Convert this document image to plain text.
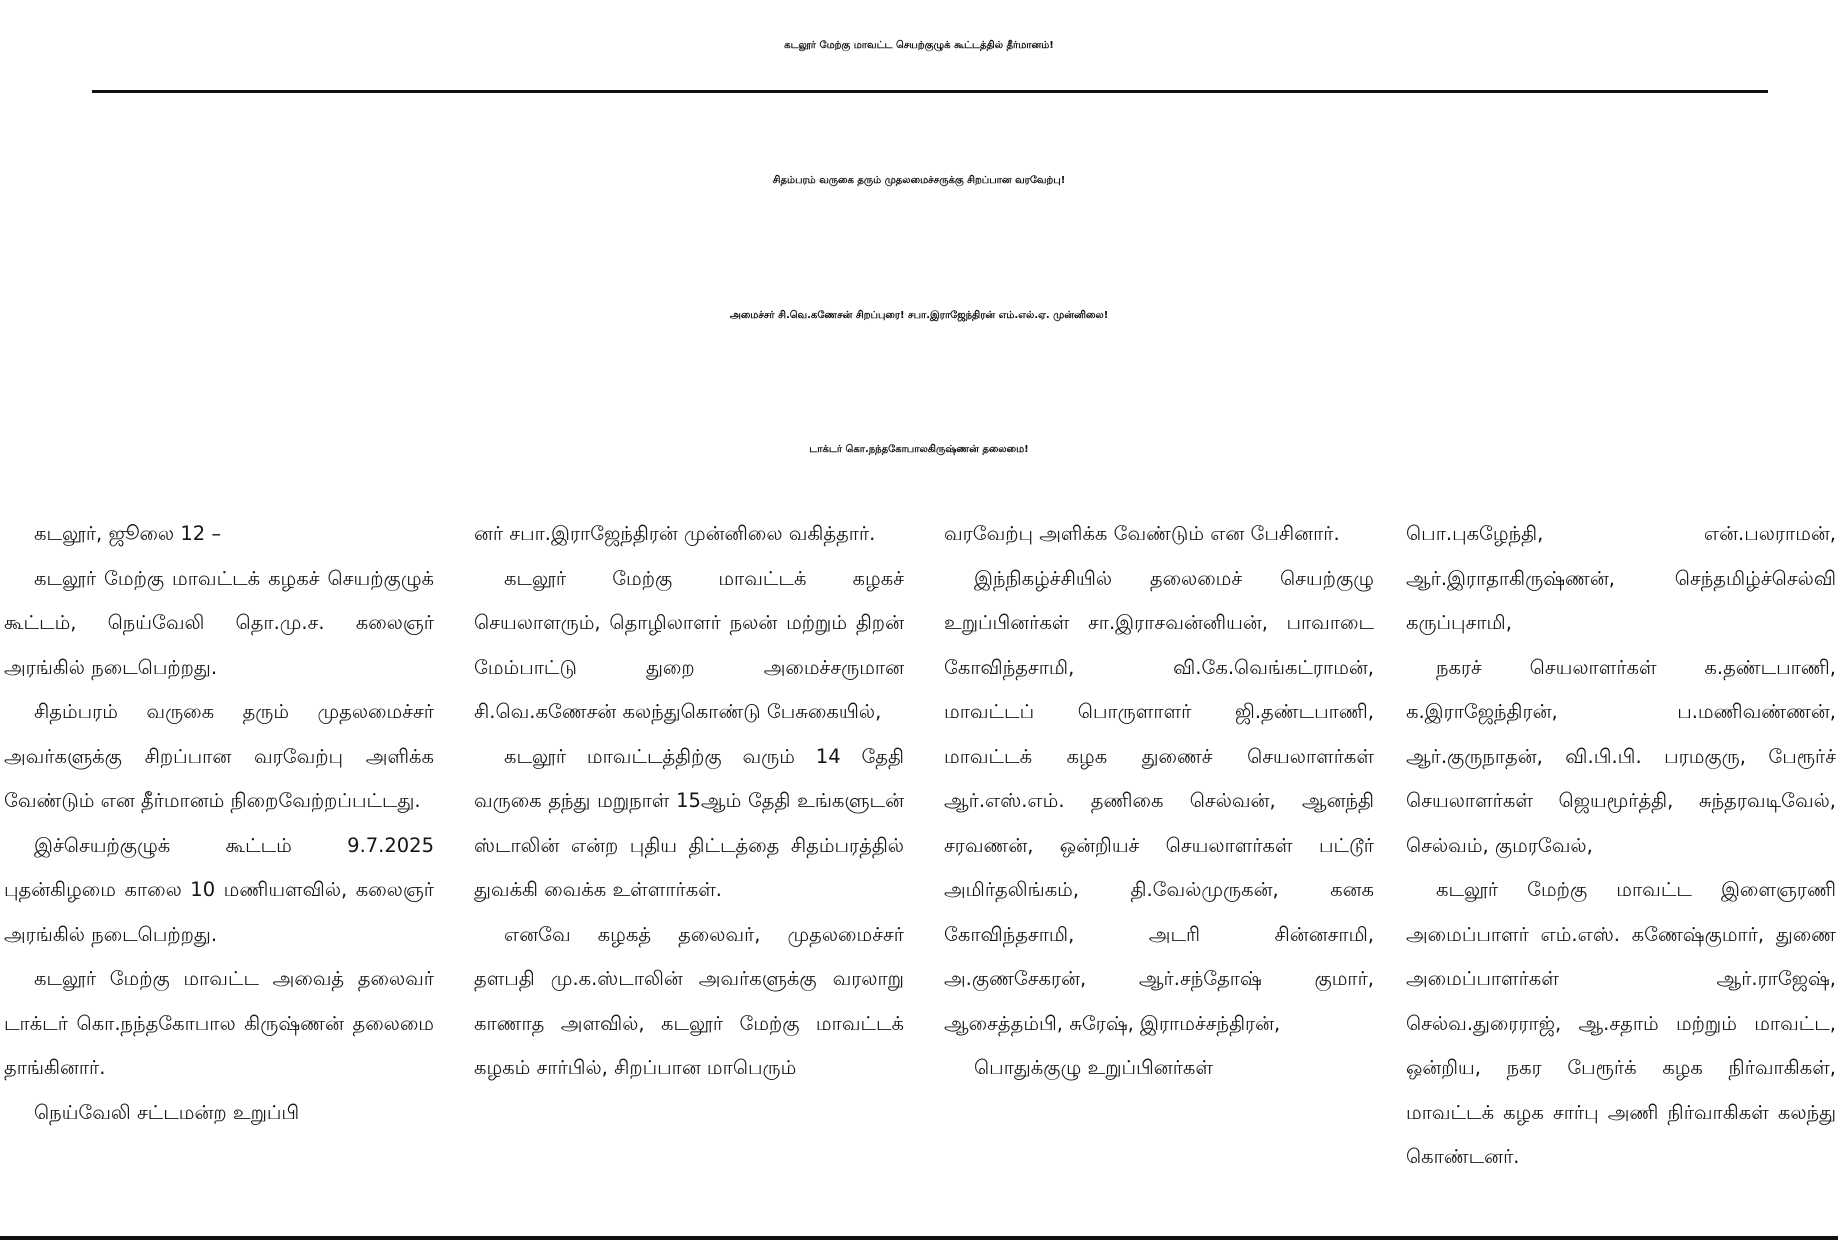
கடலூர் மேற்கு மாவட்ட செயற்குழுக் கூட்டத்தில் தீர்மானம்!
சிதம்பரம் வருகை தரும் முதலமைச்சருக்கு சிறப்பான வரவேற்பு!
அமைச்சர் சி.வெ.கணேசன் சிறப்புரை! சபா.இராஜேந்திரன் எம்.எல்.ஏ. முன்னிலை!
டாக்டர் கொ.நந்தகோபாலகிருஷ்ணன் தலைமை!

கடலூர், ஜூலை 12 –

கடலூர் மேற்கு மாவட்டக் கழகச் செயற்குழுக் கூட்டம், நெய்வேலி தொ.மு.ச. கலைஞர் அரங்கில் நடைபெற்றது.

சிதம்பரம் வருகை தரும் முதலமைச்சர் அவர்களுக்கு சிறப்பான வரவேற்பு அளிக்க வேண்டும் என தீர்மானம் நிறைவேற்றப்பட்டது.

இச்செயற்குழுக் கூட்டம் 9.7.2025 புதன்கிழமை காலை 10 மணியளவில், கலைஞர் அரங்கில் நடைபெற்றது.

கடலூர் மேற்கு மாவட்ட அவைத் தலைவர் டாக்டர் கொ.நந்தகோபால கிருஷ்ணன் தலைமை தாங்கினார்.

நெய்வேலி சட்டமன்ற உறுப்பி

னர் சபா.இராஜேந்திரன் முன்னிலை வகித்தார்.

கடலூர் மேற்கு மாவட்டக் கழகச் செயலாளரும், தொழிலாளர் நலன் மற்றும் திறன் மேம்பாட்டு துறை அமைச்சருமான சி.வெ.கணேசன் கலந்துகொண்டு பேசுகையில்,

கடலூர் மாவட்டத்திற்கு வரும் 14 தேதி வருகை தந்து மறுநாள் 15ஆம் தேதி உங்களுடன் ஸ்டாலின் என்ற புதிய திட்டத்தை சிதம்பரத்தில் துவக்கி வைக்க உள்ளார்கள்.

எனவே கழகத் தலைவர், முதலமைச்சர் தளபதி மு.க.ஸ்டாலின் அவர்களுக்கு வரலாறு காணாத அளவில், கடலூர் மேற்கு மாவட்டக் கழகம் சார்பில், சிறப்பான மாபெரும்

வரவேற்பு அளிக்க வேண்டும் என பேசினார்.

இந்நிகழ்ச்சியில் தலைமைச் செயற்குழு உறுப்பினர்கள் சா.இராசவன்னியன், பாவாடை கோவிந்தசாமி, வி.கே.வெங்கட்ராமன், மாவட்டப் பொருளாளர் ஜி.தண்டபாணி, மாவட்டக் கழக துணைச் செயலாளர்கள் ஆர்.எஸ்.எம். தணிகை செல்வன், ஆனந்தி சரவணன், ஒன்றியச் செயலாளர்கள் பட்டூர் அமிர்தலிங்கம், தி.வேல்முருகன், கனக கோவிந்தசாமி, அடரி சின்னசாமி, அ.குணசேகரன், ஆர்.சந்தோஷ் குமார், ஆசைத்தம்பி, சுரேஷ், இராமச்சந்திரன்,

பொதுக்குழு உறுப்பினர்கள்

பொ.புகழேந்தி, என்.பலராமன், ஆர்.இராதாகிருஷ்ணன், செந்தமிழ்ச்செல்வி கருப்புசாமி,

நகரச் செயலாளர்கள் க.தண்டபாணி, க.இராஜேந்திரன், ப.மணிவண்ணன், ஆர்.குருநாதன், வி.பி.பி. பரமகுரு, பேரூர்ச் செயலாளர்கள் ஜெயமூர்த்தி, சுந்தரவடிவேல், செல்வம், குமரவேல்,

கடலூர் மேற்கு மாவட்ட இளைஞரணி அமைப்பாளர் எம்.எஸ். கணேஷ்குமார், துணை அமைப்பாளர்கள் ஆர்.ராஜேஷ், செல்வ.துரைராஜ், ஆ.சதாம் மற்றும் மாவட்ட, ஒன்றிய, நகர பேரூர்க் கழக நிர்வாகிகள், மாவட்டக் கழக சார்பு அணி நிர்வாகிகள் கலந்து கொண்டனர்.
